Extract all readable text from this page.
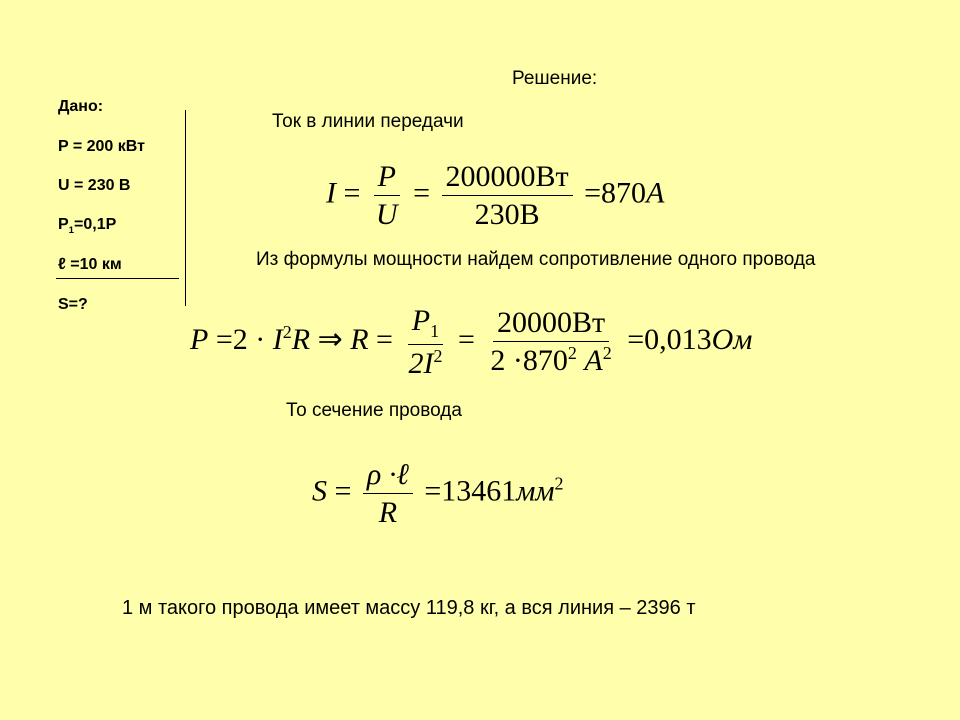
Дано:
P = 200 кВт
U = 230 В
$P_1=0,1P$
ℓ =10 км
S=?
Решение:
Ток в линии передачи
$I = \frac{P}{U} = \frac{200000Вт}{230В} =870A$
Из формулы мощности найдем сопротивление одного провода
$P =2 \cdot I^2R$ ⇒ $R = \frac{P_1}{2I^2} = \frac{20000Вт}{2 \cdot 870^2 A^2} =0,013Ом$
То сечение провода
$S = \frac{\text{ρ ·ℓ}}{R} =13461мм^2$
1 м такого провода имеет массу 119,8 кг, а вся линия – 2396 т
